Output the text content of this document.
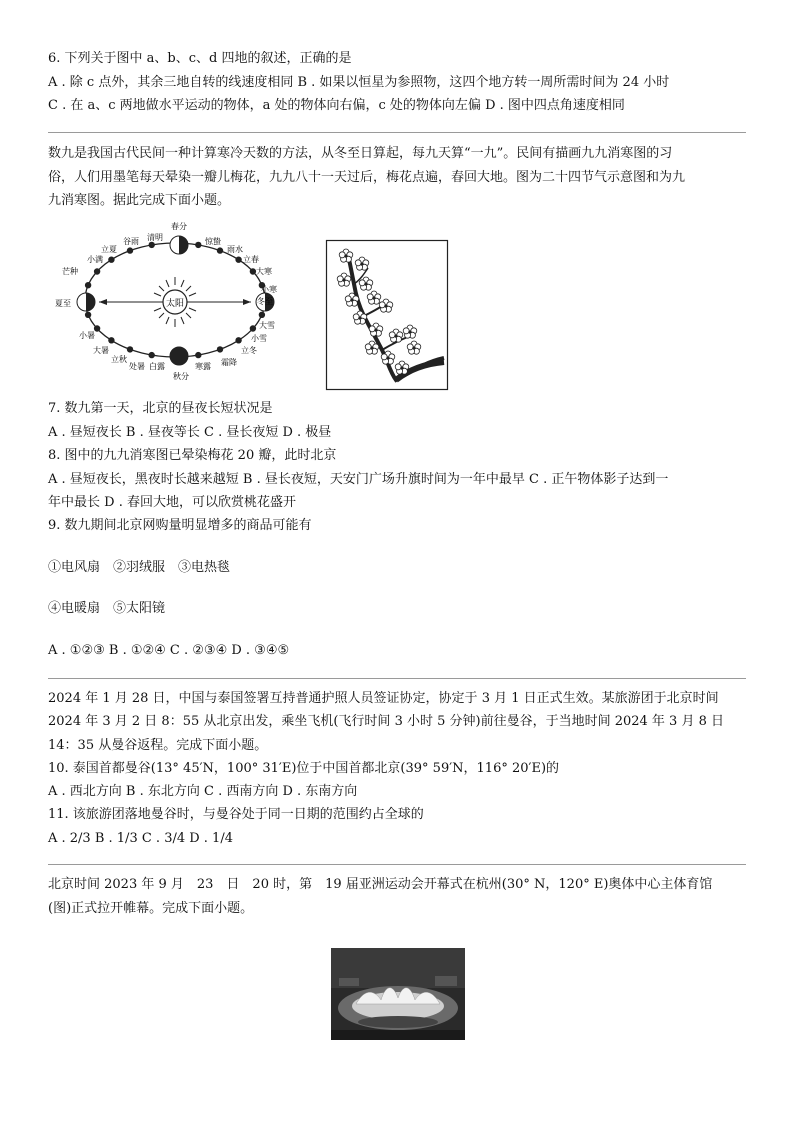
6. 下列关于图中 a、b、c、d 四地的叙述，正确的是
A . 除 c 点外，其余三地自转的线速度相同 B . 如果以恒星为参照物，这四个地方转一周所需时间为 24 小时
C . 在 a、c 两地做水平运动的物体，a 处的物体向右偏，c 处的物体向左偏 D . 图中四点角速度相同
数九是我国古代民间一种计算寒冷天数的方法，从冬至日算起，每九天算“一九”。民间有描画九九消寒图的习
俗，人们用墨笔每天晕染一瓣儿梅花，九九八十一天过后，梅花点遍，春回大地。图为二十四节气示意图和为九
九消寒图。据此完成下面小题。
太阳	冬至
小寒
大寒
立春
雨水
惊蛰
春分
清明
谷雨
立夏
小满
芒种
夏至
小暑
大暑
立秋
处暑 白露
秋分
寒露 霜降
立冬
小雪
大雪
7. 数九第一天，北京的昼夜长短状况是
A . 昼短夜长 B . 昼夜等长 C . 昼长夜短 D . 极昼
8. 图中的九九消寒图已晕染梅花 20 瓣，此时北京
A . 昼短夜长，黑夜时长越来越短 B . 昼长夜短，天安门广场升旗时间为一年中最早 C . 正午物体影子达到一
年中最长 D . 春回大地，可以欣赏桃花盛开
9. 数九期间北京网购量明显增多的商品可能有
①电风扇　②羽绒服　③电热毯
④电暖扇　⑤太阳镜
A . ①②③ B . ①②④ C . ②③④ D . ③④⑤
2024 年 1 月 28 日，中国与泰国签署互持普通护照人员签证协定，协定于 3 月 1 日正式生效。某旅游团于北京时间
2024 年 3 月 2 日 8：55 从北京出发，乘坐飞机(飞行时间 3 小时 5 分钟)前往曼谷，于当地时间 2024 年 3 月 8 日
14：35 从曼谷返程。完成下面小题。
10. 泰国首都曼谷(13° 45′N，100° 31′E)位于中国首都北京(39° 59′N，116° 20′E)的
A . 西北方向 B . 东北方向 C . 西南方向 D . 东南方向
11. 该旅游团落地曼谷时，与曼谷处于同一日期的范围约占全球的
A . 2/3 B . 1/3 C . 3/4 D . 1/4
北京时间 2023 年 9 月　23　日　20 时，第　19 届亚洲运动会开幕式在杭州(30° N，120° E)奥体中心主体育馆
(图)正式拉开帷幕。完成下面小题。
